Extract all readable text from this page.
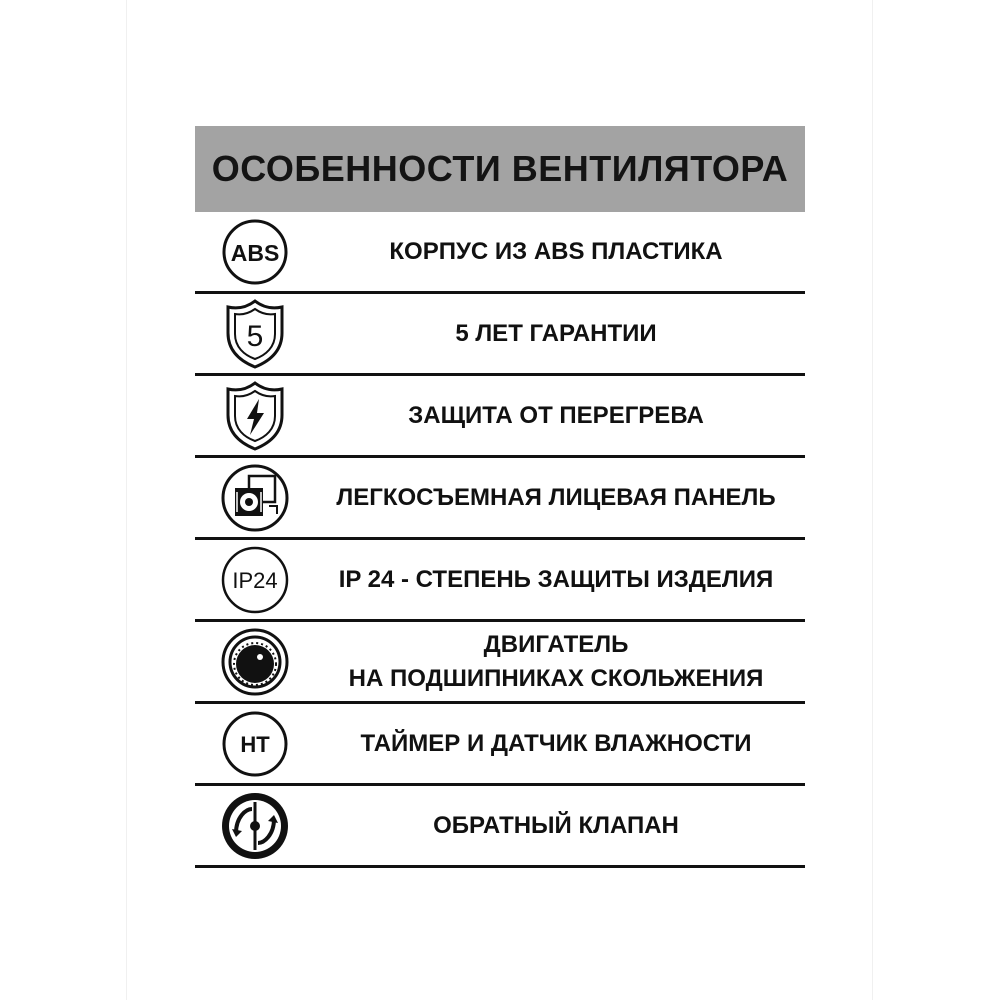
ОСОБЕННОСТИ ВЕНТИЛЯТОРА
ABS	КОРПУС ИЗ ABS ПЛАСТИКА
5	5 ЛЕТ ГАРАНТИИ
ЗАЩИТА ОТ ПЕРЕГРЕВА
ЛЕГКОСЪЕМНАЯ ЛИЦЕВАЯ ПАНЕЛЬ
IP24	IP 24 - СТЕПЕНЬ ЗАЩИТЫ ИЗДЕЛИЯ
ДВИГАТЕЛЬ
НА ПОДШИПНИКАХ СКОЛЬЖЕНИЯ
HT	ТАЙМЕР И ДАТЧИК ВЛАЖНОСТИ
ОБРАТНЫЙ КЛАПАН
